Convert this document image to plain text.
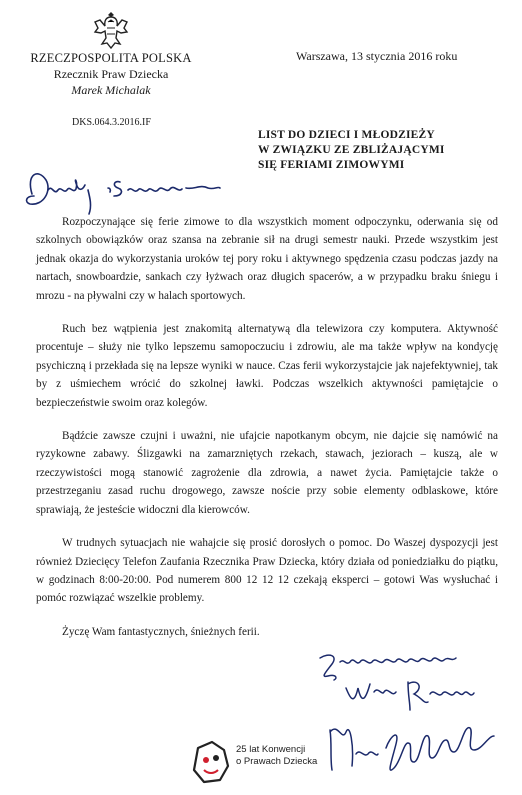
RZECZPOSPOLITA POLSKA
Rzecznik Praw Dziecka
Marek Michalak
Warszawa, 13 stycznia 2016 roku
DKS.064.3.2016.IF
LIST DO DZIECI I MŁODZIEŻY
W ZWIĄZKU ZE ZBLIŻAJĄCYMI
SIĘ FERIAMI ZIMOWYMI

Rozpoczynające się ferie zimowe to dla wszystkich moment odpoczynku, oderwania się od szkolnych obowiązków oraz szansa na zebranie sił na drugi semestr nauki. Przede wszystkim jest jednak okazja do wykorzystania uroków tej pory roku i aktywnego spędzenia czasu podczas jazdy na nartach, snowboardzie, sankach czy łyżwach oraz długich spacerów, a w przypadku braku śniegu i mrozu - na pływalni czy w halach sportowych.

Ruch bez wątpienia jest znakomitą alternatywą dla telewizora czy komputera. Aktywność procentuje – służy nie tylko lepszemu samopoczuciu i zdrowiu, ale ma także wpływ na kondycję psychiczną i przekłada się na lepsze wyniki w nauce. Czas ferii wykorzystajcie jak najefektywniej, tak by z uśmiechem wrócić do szkolnej ławki. Podczas wszelkich aktywności pamiętajcie o bezpieczeństwie swoim oraz kolegów.

Bądźcie zawsze czujni i uważni, nie ufajcie napotkanym obcym, nie dajcie się namówić na ryzykowne zabawy. Ślizgawki na zamarzniętych rzekach, stawach, jeziorach – kuszą, ale w rzeczywistości mogą stanowić zagrożenie dla zdrowia, a nawet życia. Pamiętajcie także o przestrzeganiu zasad ruchu drogowego, zawsze noście przy sobie elementy odblaskowe, które sprawiają, że jesteście widoczni dla kierowców.

W trudnych sytuacjach nie wahajcie się prosić dorosłych o pomoc. Do Waszej dyspozycji jest również Dziecięcy Telefon Zaufania Rzecznika Praw Dziecka, który działa od poniedziałku do piątku, w godzinach 8:00-20:00. Pod numerem 800 12 12 12 czekają eksperci – gotowi Was wysłuchać i pomóc rozwiązać wszelkie problemy.

Życzę Wam fantastycznych, śnieżnych ferii.

25 lat Konwencji
o Prawach Dziecka
